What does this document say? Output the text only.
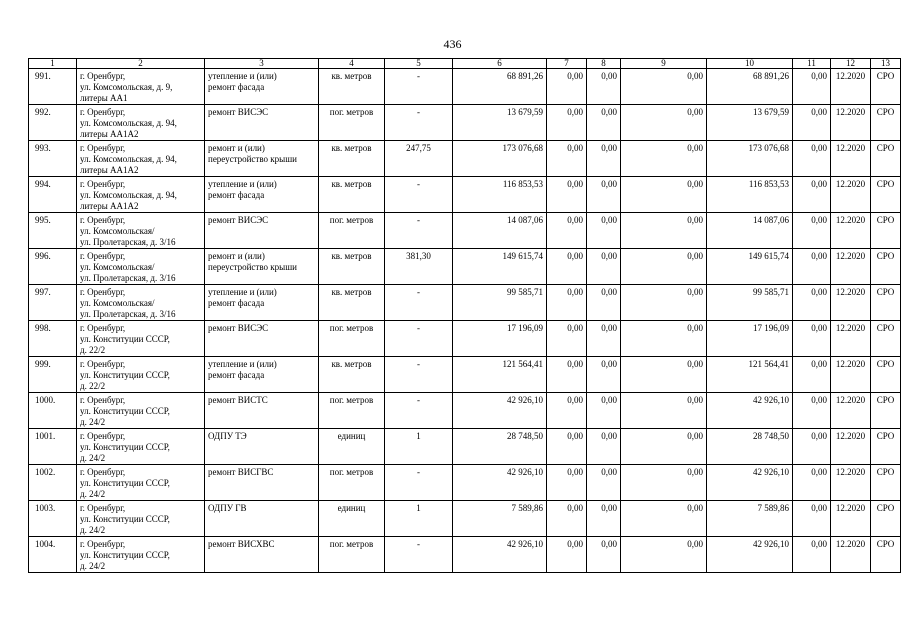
436
1	2	3	4	5	6	7	8	9	10	11	12	13
991.	г. Оренбург,
ул. Комсомольская, д. 9,
литеры АА1	утепление и (или)
ремонт фасада	кв. метров	-	68 891,26	0,00	0,00	0,00	68 891,26	0,00	12.2020	СРО
992.	г. Оренбург,
ул. Комсомольская, д. 94,
литеры АА1А2	ремонт ВИСЭС	пог. метров	-	13 679,59	0,00	0,00	0,00	13 679,59	0,00	12.2020	СРО
993.	г. Оренбург,
ул. Комсомольская, д. 94,
литеры АА1А2	ремонт и (или)
переустройство крыши	кв. метров	247,75	173 076,68	0,00	0,00	0,00	173 076,68	0,00	12.2020	СРО
994.	г. Оренбург,
ул. Комсомольская, д. 94,
литеры АА1А2	утепление и (или)
ремонт фасада	кв. метров	-	116 853,53	0,00	0,00	0,00	116 853,53	0,00	12.2020	СРО
995.	г. Оренбург,
ул. Комсомольская/
ул. Пролетарская, д. 3/16	ремонт ВИСЭС	пог. метров	-	14 087,06	0,00	0,00	0,00	14 087,06	0,00	12.2020	СРО
996.	г. Оренбург,
ул. Комсомольская/
ул. Пролетарская, д. 3/16	ремонт и (или)
переустройство крыши	кв. метров	381,30	149 615,74	0,00	0,00	0,00	149 615,74	0,00	12.2020	СРО
997.	г. Оренбург,
ул. Комсомольская/
ул. Пролетарская, д. 3/16	утепление и (или)
ремонт фасада	кв. метров	-	99 585,71	0,00	0,00	0,00	99 585,71	0,00	12.2020	СРО
998.	г. Оренбург,
ул. Конституции СССР,
д. 22/2	ремонт ВИСЭС	пог. метров	-	17 196,09	0,00	0,00	0,00	17 196,09	0,00	12.2020	СРО
999.	г. Оренбург,
ул. Конституции СССР,
д. 22/2	утепление и (или)
ремонт фасада	кв. метров	-	121 564,41	0,00	0,00	0,00	121 564,41	0,00	12.2020	СРО
1000.	г. Оренбург,
ул. Конституции СССР,
д. 24/2	ремонт ВИСТС	пог. метров	-	42 926,10	0,00	0,00	0,00	42 926,10	0,00	12.2020	СРО
1001.	г. Оренбург,
ул. Конституции СССР,
д. 24/2	ОДПУ ТЭ	единиц	1	28 748,50	0,00	0,00	0,00	28 748,50	0,00	12.2020	СРО
1002.	г. Оренбург,
ул. Конституции СССР,
д. 24/2	ремонт ВИСГВС	пог. метров	-	42 926,10	0,00	0,00	0,00	42 926,10	0,00	12.2020	СРО
1003.	г. Оренбург,
ул. Конституции СССР,
д. 24/2	ОДПУ ГВ	единиц	1	7 589,86	0,00	0,00	0,00	7 589,86	0,00	12.2020	СРО
1004.	г. Оренбург,
ул. Конституции СССР,
д. 24/2	ремонт ВИСХВС	пог. метров	-	42 926,10	0,00	0,00	0,00	42 926,10	0,00	12.2020	СРО
